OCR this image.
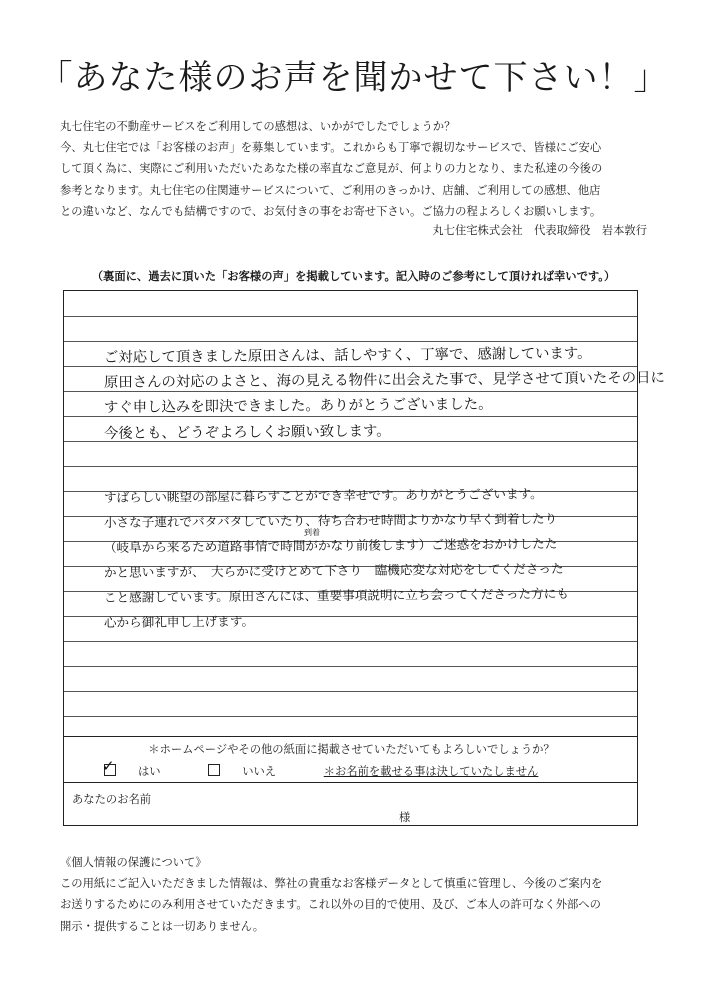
「あなた様のお声を聞かせて下さい！」
丸七住宅の不動産サービスをご利用しての感想は、いかがでしたでしょうか？
今、丸七住宅では「お客様のお声」を募集しています。これからも丁寧で親切なサービスで、皆様にご安心
して頂く為に、実際にご利用いただいたあなた様の率直なご意見が、何よりの力となり、また私達の今後の
参考となります。丸七住宅の住関連サービスについて、ご利用のきっかけ、店舗、ご利用しての感想、他店
との違いなど、なんでも結構ですので、お気付きの事をお寄せ下さい。ご協力の程よろしくお願いします。
丸七住宅株式会社　代表取締役　岩本敦行
（裏面に、過去に頂いた「お客様の声」を掲載しています。記入時のご参考にして頂ければ幸いです。）
ご対応して頂きました原田さんは、話しやすく、丁寧で、感謝しています。
原田さんの対応のよさと、海の見える物件に出会えた事で、見学させて頂いたその日に
すぐ申し込みを即決できました。ありがとうございました。
今後とも、どうぞよろしくお願い致します。
すばらしい眺望の部屋に暮らすことができ幸せです。ありがとうございます。
小さな子連れでバタバタしていたり、待ち合わせ時間よりかなり早く到着したり
到着
（岐阜から来るため道路事情で時間がかなり前後します）ご迷惑をおかけしたた
かと思いますが、　大らかに受けとめて下さり　臨機応変な対応をしてくださった
こと感謝しています。原田さんには、重要事項説明に立ち会ってくださった方にも
心から御礼申し上げます。
＊ホームページやその他の紙面に掲載させていただいてもよろしいでしょうか？
✓ はい	いいえ	＊お名前を載せる事は決していたしません
あなたのお名前
様
《個人情報の保護について》
この用紙にご記入いただきました情報は、弊社の貴重なお客様データとして慎重に管理し、今後のご案内を
お送りするためにのみ利用させていただきます。これ以外の目的で使用、及び、ご本人の許可なく外部への
開示・提供することは一切ありません。
